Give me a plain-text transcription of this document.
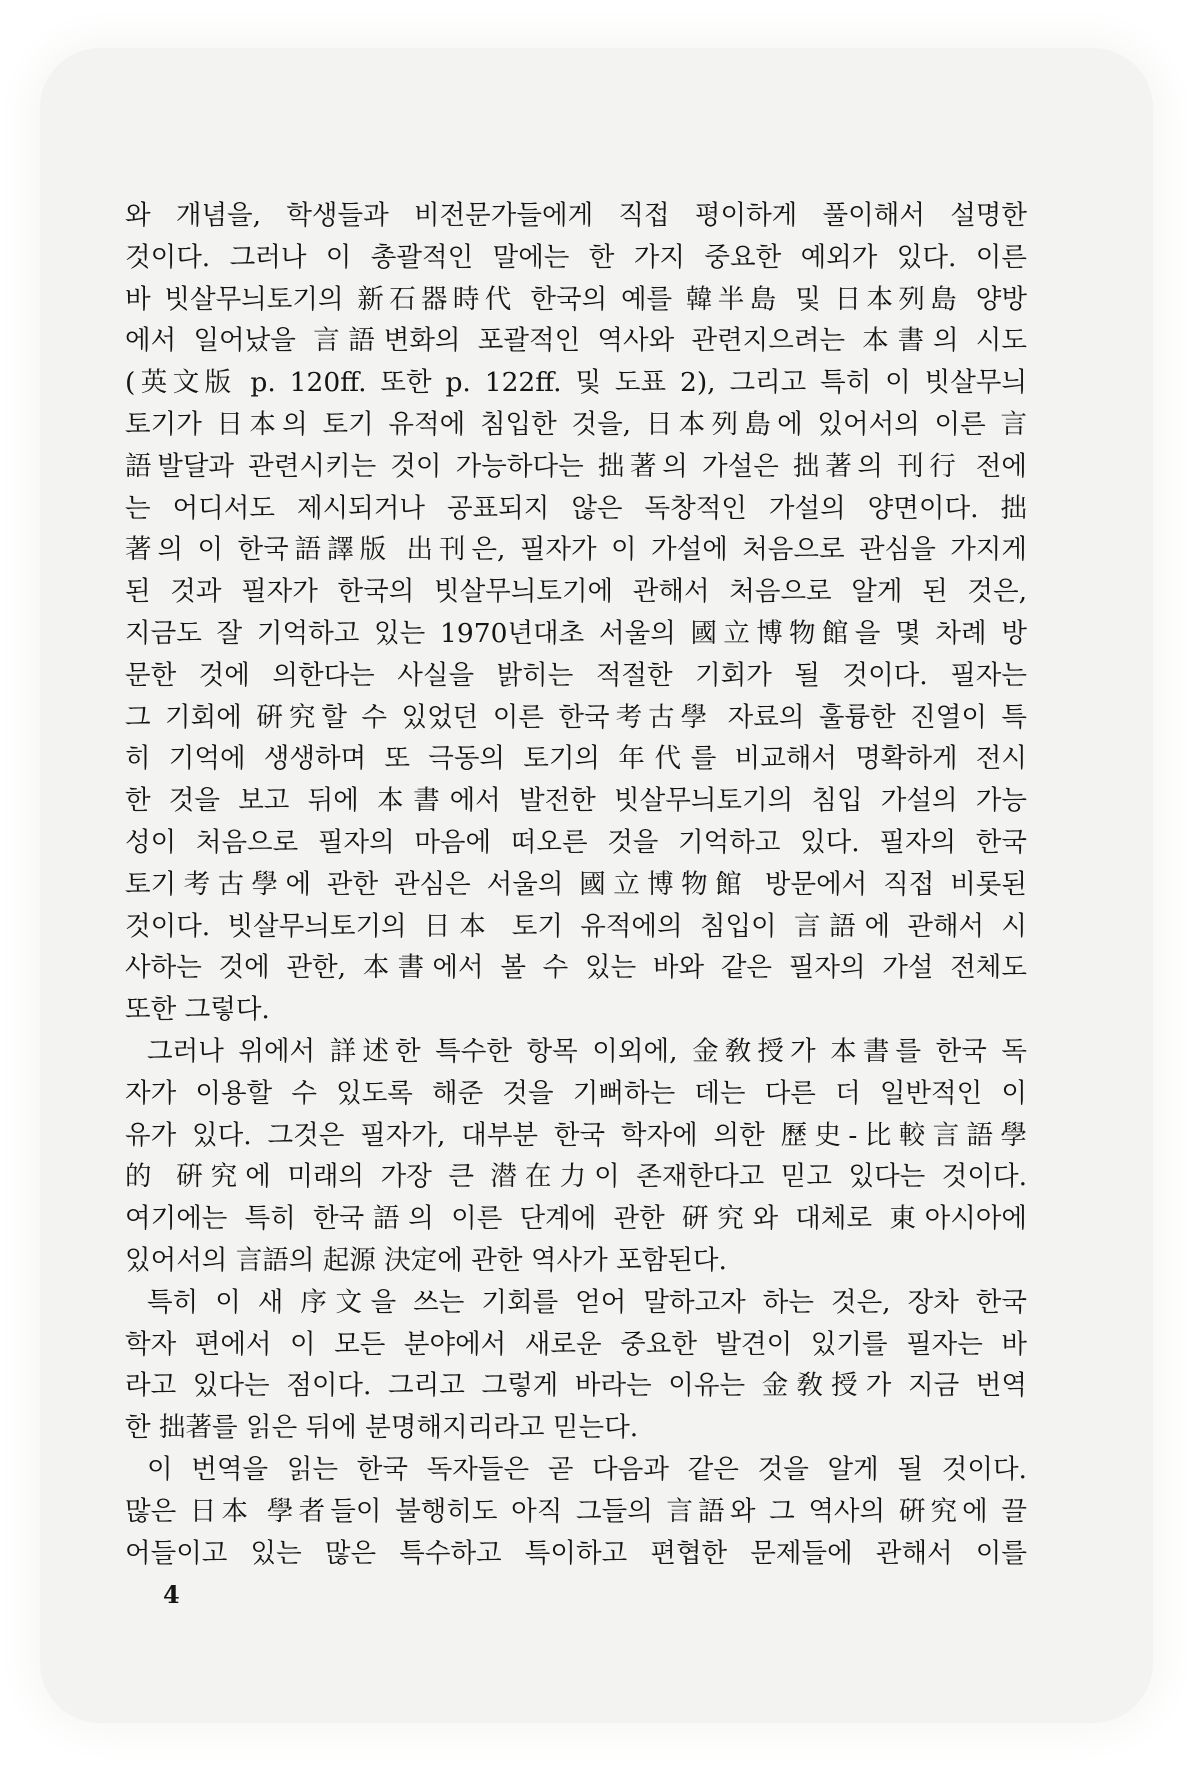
와 개념을, 학생들과 비전문가들에게 직접 평이하게 풀이해서 설명한
것이다. 그러나 이 총괄적인 말에는 한 가지 중요한 예외가 있다. 이른
바 빗살무늬토기의 新石器時代 한국의 예를 韓半島 및 日本列島 양방
에서 일어났을 言語변화의 포괄적인 역사와 관련지으려는 本書의 시도
(英文版 p. 120ff. 또한 p. 122ff. 및 도표 2), 그리고 특히 이 빗살무늬
토기가 日本의 토기 유적에 침입한 것을, 日本列島에 있어서의 이른 言
語발달과 관련시키는 것이 가능하다는 拙著의 가설은 拙著의 刊行 전에
는 어디서도 제시되거나 공표되지 않은 독창적인 가설의 양면이다. 拙
著의 이 한국語譯版 出刊은, 필자가 이 가설에 처음으로 관심을 가지게
된 것과 필자가 한국의 빗살무늬토기에 관해서 처음으로 알게 된 것은,
지금도 잘 기억하고 있는 1970년대초 서울의 國立博物館을 몇 차례 방
문한 것에 의한다는 사실을 밝히는 적절한 기회가 될 것이다. 필자는
그 기회에 硏究할 수 있었던 이른 한국考古學 자료의 훌륭한 진열이 특
히 기억에 생생하며 또 극동의 토기의 年代를 비교해서 명확하게 전시
한 것을 보고 뒤에 本書에서 발전한 빗살무늬토기의 침입 가설의 가능
성이 처음으로 필자의 마음에 떠오른 것을 기억하고 있다. 필자의 한국
토기考古學에 관한 관심은 서울의 國立博物館 방문에서 직접 비롯된
것이다. 빗살무늬토기의 日本 토기 유적에의 침입이 言語에 관해서 시
사하는 것에 관한, 本書에서 볼 수 있는 바와 같은 필자의 가설 전체도
또한 그렇다.
그러나 위에서 詳述한 특수한 항목 이외에, 金敎授가 本書를 한국 독
자가 이용할 수 있도록 해준 것을 기뻐하는 데는 다른 더 일반적인 이
유가 있다. 그것은 필자가, 대부분 한국 학자에 의한 歷史-比較言語學
的 硏究에 미래의 가장 큰 潜在力이 존재한다고 믿고 있다는 것이다.
여기에는 특히 한국語의 이른 단계에 관한 硏究와 대체로 東아시아에
있어서의 言語의 起源 決定에 관한 역사가 포함된다.
특히 이 새 序文을 쓰는 기회를 얻어 말하고자 하는 것은, 장차 한국
학자 편에서 이 모든 분야에서 새로운 중요한 발견이 있기를 필자는 바
라고 있다는 점이다. 그리고 그렇게 바라는 이유는 金敎授가 지금 번역
한 拙著를 읽은 뒤에 분명해지리라고 믿는다.
이 번역을 읽는 한국 독자들은 곧 다음과 같은 것을 알게 될 것이다.
많은 日本 學者들이 불행히도 아직 그들의 言語와 그 역사의 硏究에 끌
어들이고 있는 많은 특수하고 특이하고 편협한 문제들에 관해서 이를
4
